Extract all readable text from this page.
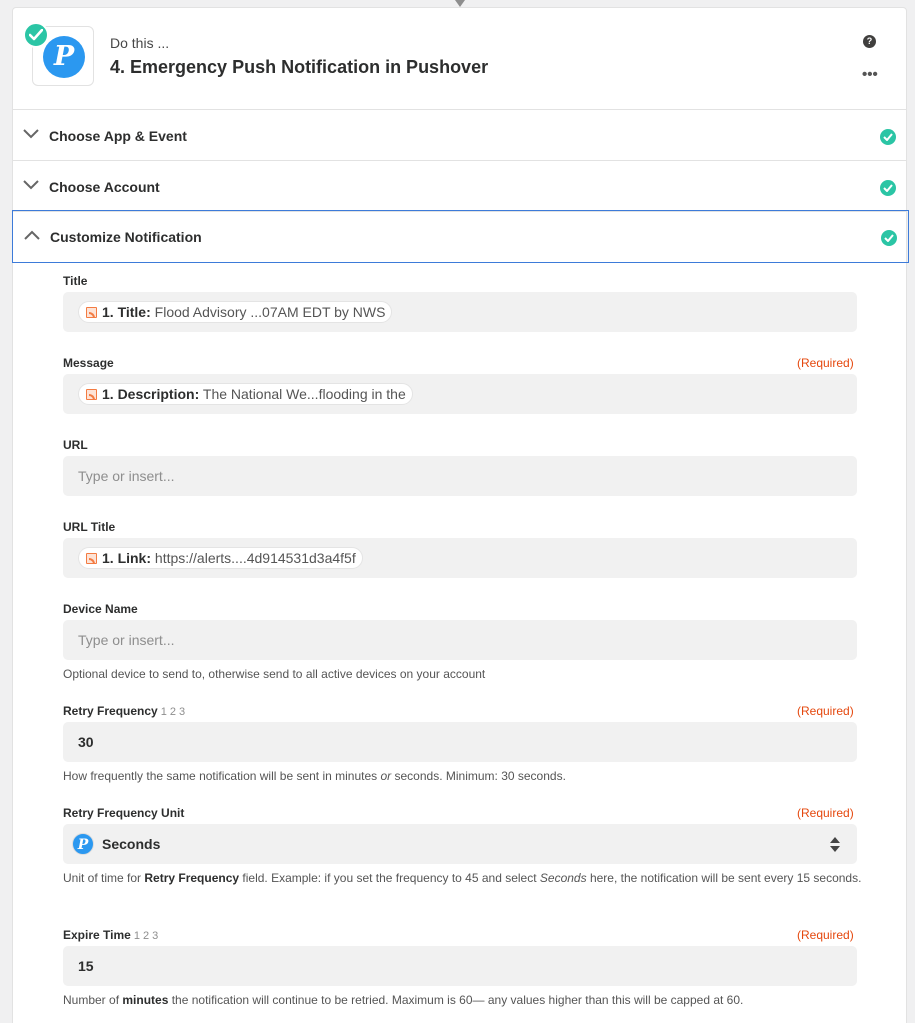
P	Do this ...
4. Emergency Push Notification in Pushover
?
•••
Choose App & Event
Choose Account
Customize Notification
Title
1. Title: Flood Advisory ...07AM EDT by NWS
Message	(Required)
1. Description: The National We...flooding in the
URL
Type or insert...
URL Title
1. Link: https://alerts....4d914531d3a4f5f
Device Name
Type or insert...
Optional device to send to, otherwise send to all active devices on your account
Retry Frequency 1 2 3	(Required)
30
How frequently the same notification will be sent in minutes or seconds. Minimum: 30 seconds.
Retry Frequency Unit	(Required)
P Seconds
Unit of time for Retry Frequency field. Example: if you set the frequency to 45 and select Seconds here, the notification will be sent every 15 seconds.
Expire Time 1 2 3	(Required)
15
Number of minutes the notification will continue to be retried. Maximum is 60— any values higher than this will be capped at 60.
